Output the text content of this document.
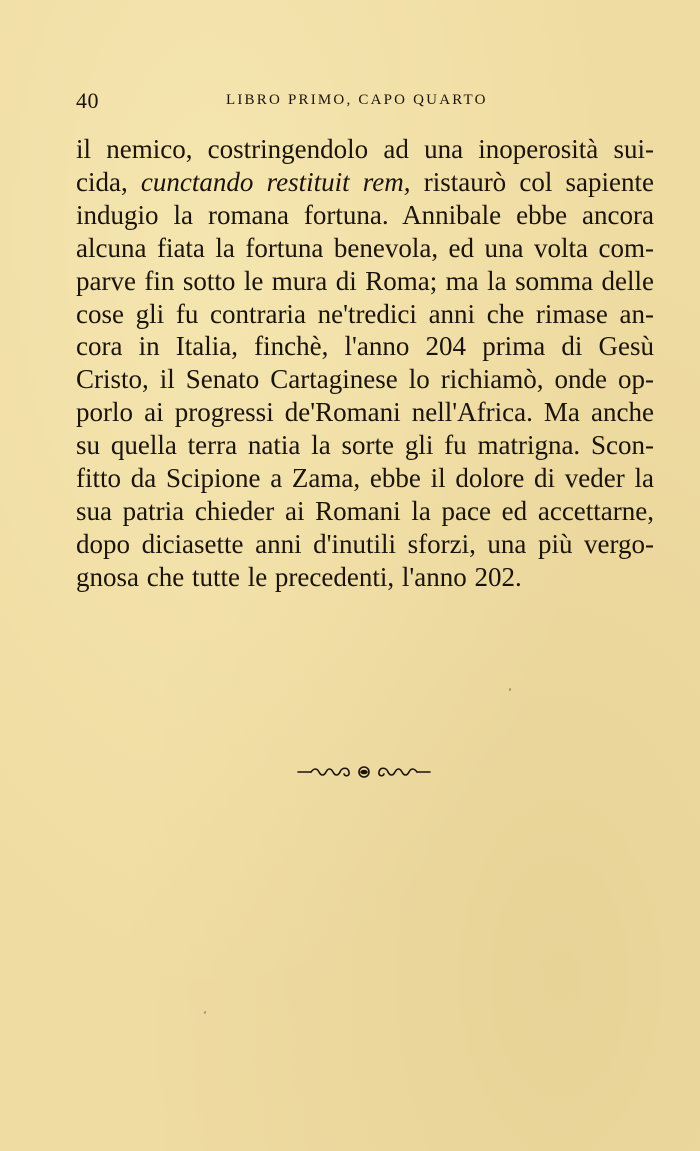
40	LIBRO PRIMO, CAPO QUARTO
il nemico, costringendolo ad una inoperosità sui-
cida, cunctando restituit rem, ristaurò col sapiente
indugio la romana fortuna. Annibale ebbe ancora
alcuna fiata la fortuna benevola, ed una volta com-
parve fin sotto le mura di Roma; ma la somma delle
cose gli fu contraria ne'tredici anni che rimase an-
cora in Italia, finchè, l'anno 204 prima di Gesù
Cristo, il Senato Cartaginese lo richiamò, onde op-
porlo ai progressi de'Romani nell'Africa. Ma anche
su quella terra natia la sorte gli fu matrigna. Scon-
fitto da Scipione a Zama, ebbe il dolore di veder la
sua patria chieder ai Romani la pace ed accettarne,
dopo diciasette anni d'inutili sforzi, una più vergo-
gnosa che tutte le precedenti, l'anno 202.
